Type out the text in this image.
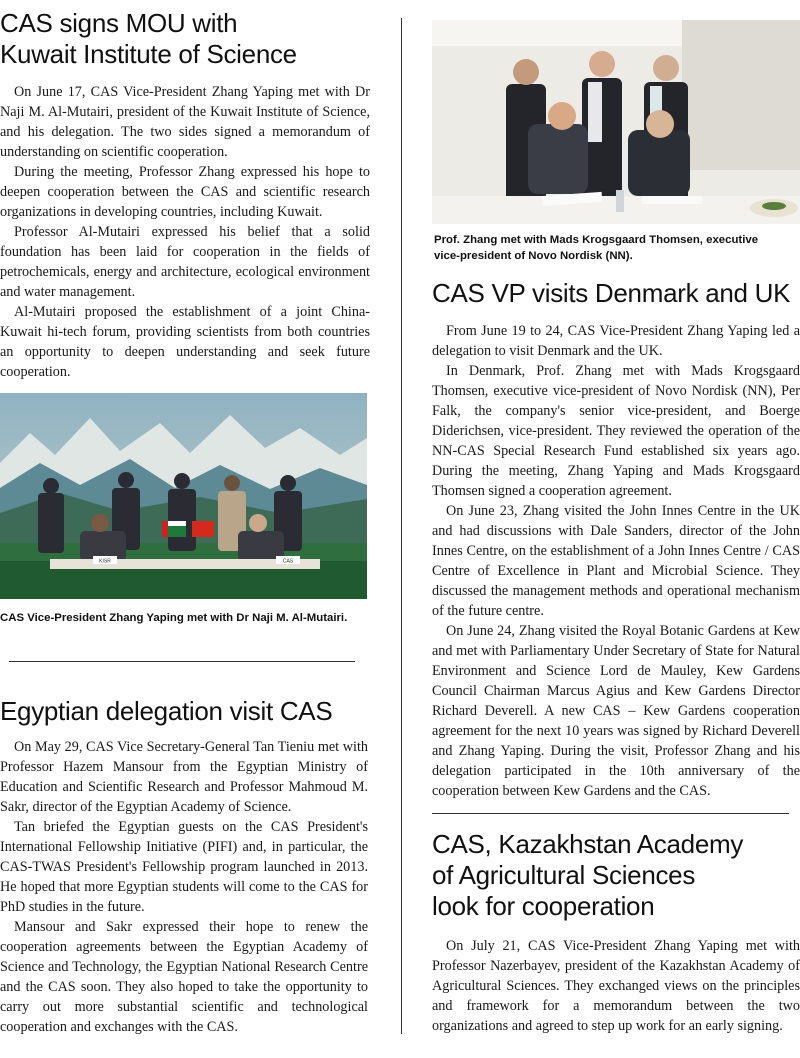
CAS signs MOU with
Kuwait Institute of Science

On June 17, CAS Vice-President Zhang Yaping met with Dr Naji M. Al-Mutairi, president of the Kuwait Institute of Science, and his delegation. The two sides signed a memorandum of understanding on scientific cooperation.

During the meeting, Professor Zhang expressed his hope to deepen cooperation between the CAS and scientific research organizations in developing countries, including Kuwait.

Professor Al-Mutairi expressed his belief that a solid foundation has been laid for cooperation in the fields of petrochemicals, energy and architecture, ecological environment and water management.

Al-Mutairi proposed the establishment of a joint China-Kuwait hi-tech forum, providing scientists from both countries an opportunity to deepen understanding and seek future cooperation.

KISR	CAS

CAS Vice-President Zhang Yaping met with Dr Naji M. Al-Mutairi.

Egyptian delegation visit CAS

On May 29, CAS Vice Secretary-General Tan Tieniu met with Professor Hazem Mansour from the Egyptian Ministry of Education and Scientific Research and Professor Mahmoud M. Sakr, director of the Egyptian Academy of Science.

Tan briefed the Egyptian guests on the CAS President's International Fellowship Initiative (PIFI) and, in particular, the CAS-TWAS President's Fellowship program launched in 2013. He hoped that more Egyptian students will come to the CAS for PhD studies in the future.

Mansour and Sakr expressed their hope to renew the cooperation agreements between the Egyptian Academy of Science and Technology, the Egyptian National Research Centre and the CAS soon. They also hoped to take the opportunity to carry out more substantial scientific and technological cooperation and exchanges with the CAS.

Prof. Zhang met with Mads Krogsgaard Thomsen, executive vice-president of Novo Nordisk (NN).

CAS VP visits Denmark and UK

From June 19 to 24, CAS Vice-President Zhang Yaping led a delegation to visit Denmark and the UK.

In Denmark, Prof. Zhang met with Mads Krogsgaard Thomsen, executive vice-president of Novo Nordisk (NN), Per Falk, the company's senior vice-president, and Boerge Diderichsen, vice-president. They reviewed the operation of the NN-CAS Special Research Fund established six years ago. During the meeting, Zhang Yaping and Mads Krogsgaard Thomsen signed a cooperation agreement.

On June 23, Zhang visited the John Innes Centre in the UK and had discussions with Dale Sanders, director of the John Innes Centre, on the establishment of a John Innes Centre / CAS Centre of Excellence in Plant and Microbial Science. They discussed the management methods and operational mechanism of the future centre.

On June 24, Zhang visited the Royal Botanic Gardens at Kew and met with Parliamentary Under Secretary of State for Natural Environment and Science Lord de Mauley, Kew Gardens Council Chairman Marcus Agius and Kew Gardens Director Richard Deverell. A new CAS – Kew Gardens cooperation agreement for the next 10 years was signed by Richard Deverell and Zhang Yaping. During the visit, Professor Zhang and his delegation participated in the 10th anniversary of the cooperation between Kew Gardens and the CAS.

CAS, Kazakhstan Academy
of Agricultural Sciences
look for cooperation

On July 21, CAS Vice-President Zhang Yaping met with Professor Nazerbayev, president of the Kazakhstan Academy of Agricultural Sciences. They exchanged views on the principles and framework for a memorandum between the two organizations and agreed to step up work for an early signing.
